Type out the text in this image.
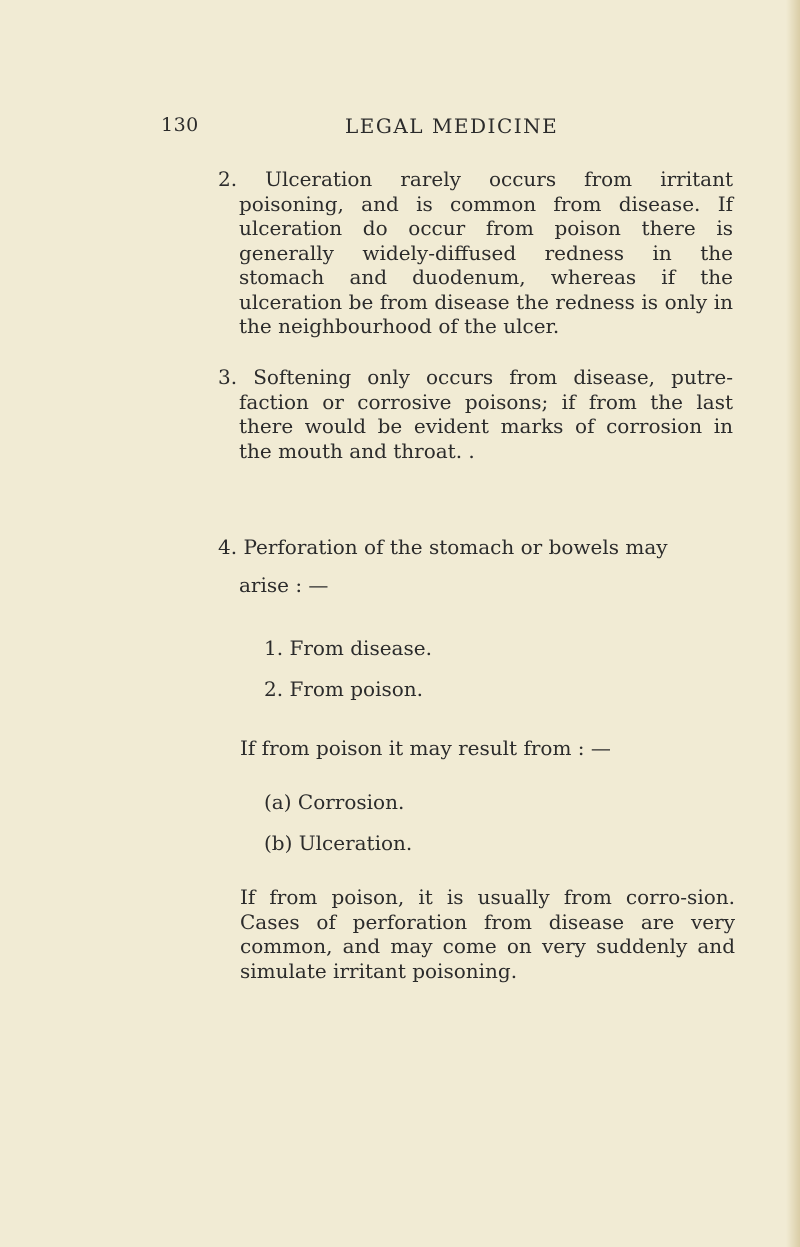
130	LEGAL MEDICINE

2. Ulceration rarely occurs from irritant poisoning, and is common from disease. If ulceration do occur from poison there is generally widely-diffused redness in the stomach and duodenum, whereas if the ulceration be from disease the redness is only in the neighbourhood of the ulcer.

3. Softening only occurs from disease, putre-faction or corrosive poisons; if from the last there would be evident marks of corrosion in the mouth and throat. .

4. Perforation of the stomach or bowels may

arise : —
1. From disease.
2. From poison.
If from poison it may result from : —
(a) Corrosion.
(b) Ulceration.

If from poison, it is usually from corro-sion. Cases of perforation from disease are very common, and may come on very suddenly and simulate irritant poisoning.
